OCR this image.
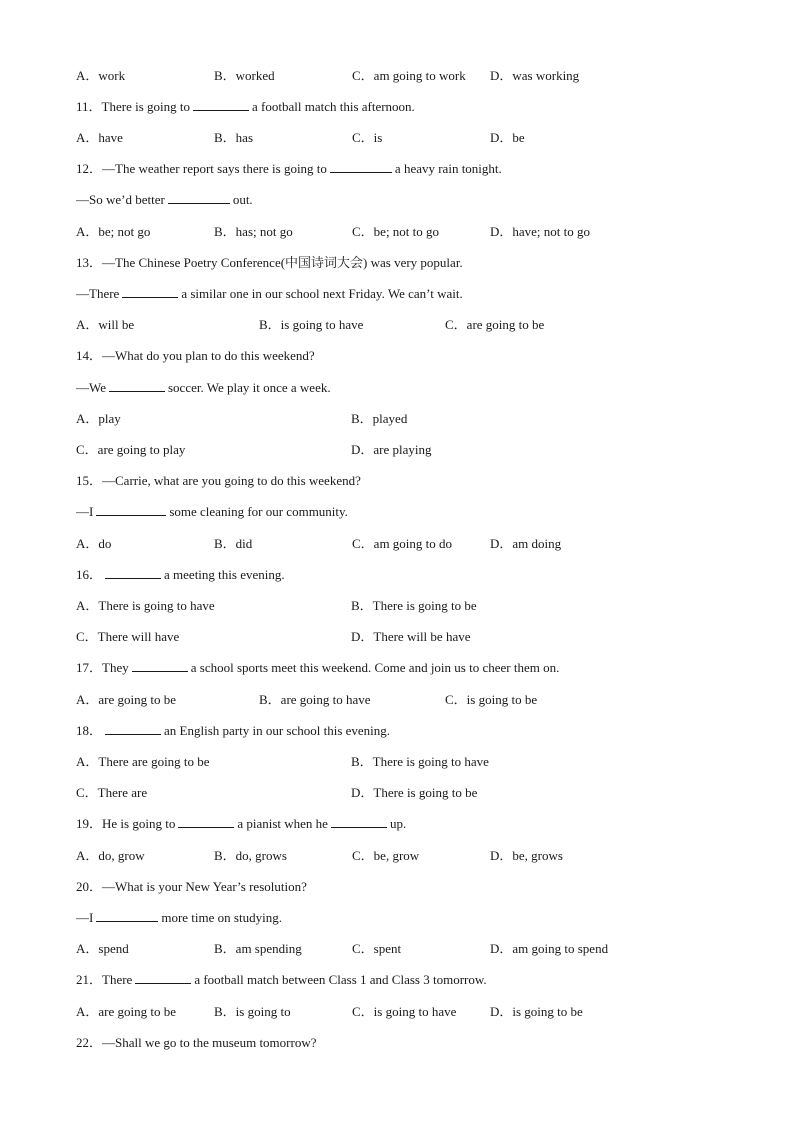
A．work	B．worked	C．am going to work D．was working
11．There is going to	a football match this afternoon.
A．have	B．has	C．is	D．be
12．—The weather report says there is going to	a heavy rain tonight.
—So we’d better	out.
A．be; not go	B．has; not go	C．be; not to go	D．have; not to go
13．—The Chinese Poetry Conference(中国诗词大会) was very popular.
—There	a similar one in our school next Friday. We can’t wait.
A．will be	B．is going to have	C．are going to be
14．—What do you plan to do this weekend?
—We	soccer. We play it once a week.
A．play	B．played
C．are going to play	D．are playing
15．—Carrie, what are you going to do this weekend?
—I	some cleaning for our community.
A．do	B．did	C．am going to do	D．am doing
16．	a meeting this evening.
A．There is going to have	B．There is going to be
C．There will have	D．There will be have
17．They	a school sports meet this weekend. Come and join us to cheer them on.
A．are going to be	B．are going to have	C．is going to be
18．	an English party in our school this evening.
A．There are going to be	B．There is going to have
C．There are	D．There is going to be
19．He is going to	a pianist when he	up.
A．do, grow	B．do, grows	C．be, grow	D．be, grows
20．—What is your New Year’s resolution?
—I	more time on studying.
A．spend	B．am spending	C．spent	D．am going to spend
21．There	a football match between Class 1 and Class 3 tomorrow.
A．are going to be	B．is going to	C．is going to have	D．is going to be
22．—Shall we go to the museum tomorrow?
